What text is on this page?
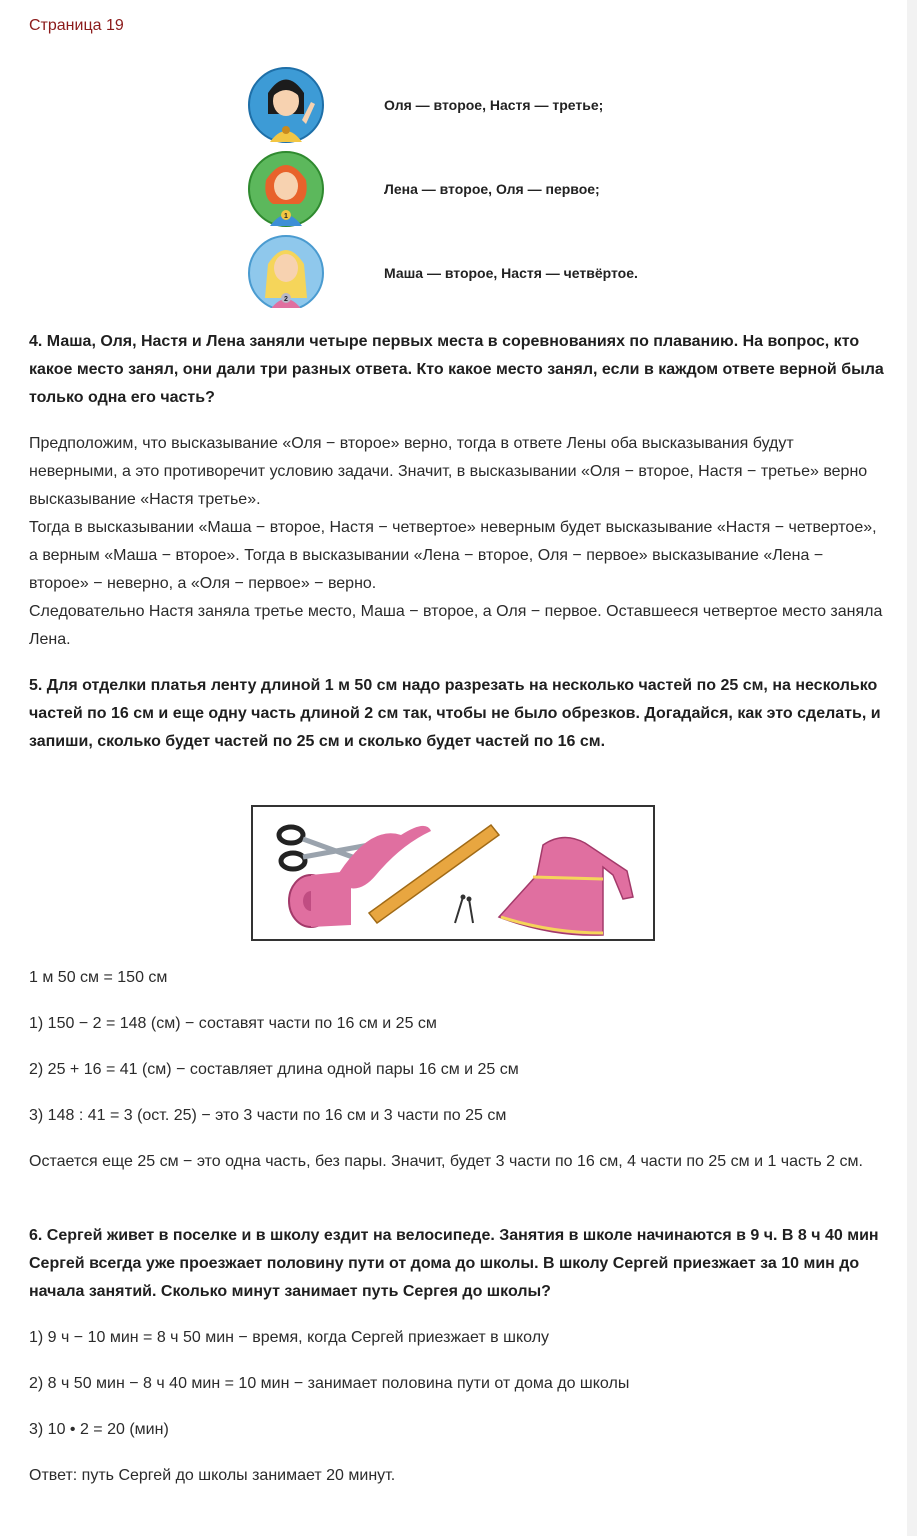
Страница 19
1
2
Оля — второе, Настя — третье;
Лена — второе, Оля — первое;
Маша — второе, Настя — четвёртое.

4. Маша, Оля, Настя и Лена заняли четыре первых места в соревнованиях по плаванию. На вопрос, кто какое место занял, они дали три разных ответа. Кто какое место занял, если в каждом ответе верной была только одна его часть?

Предположим, что высказывание «Оля − второе» верно, тогда в ответе Лены оба высказывания будут неверными, а это противоречит условию задачи. Значит, в высказывании «Оля − второе, Настя − третье» верно высказывание «Настя третье».

Тогда в высказывании «Маша − второе, Настя − четвертое» неверным будет высказывание «Настя − четвертое», а верным «Маша − второе». Тогда в высказывании «Лена − второе, Оля − первое» высказывание «Лена − второе» − неверно, а «Оля − первое» − верно.

Следовательно Настя заняла третье место, Маша − второе, а Оля − первое. Оставшееся четвертое место заняла Лена.

5. Для отделки платья ленту длиной 1 м 50 см надо разрезать на несколько частей по 25 см, на несколько частей по 16 см и еще одну часть длиной 2 см так, чтобы не было обрезков. Догадайся, как это сделать, и запиши, сколько будет частей по 25 см и сколько будет частей по 16 см.

1 м 50 см = 150 см

1) 150 − 2 = 148 (см) − составят части по 16 см и 25 см

2) 25 + 16 = 41 (см) − составляет длина одной пары 16 см и 25 см

3) 148 : 41 = 3 (ост. 25) − это 3 части по 16 см и 3 части по 25 см

Остается еще 25 см − это одна часть, без пары. Значит, будет 3 части по 16 см, 4 части по 25 см и 1 часть 2 см.

6. Сергей живет в поселке и в школу ездит на велосипеде. Занятия в школе начинаются в 9 ч. В 8 ч 40 мин Сергей всегда уже проезжает половину пути от дома до школы. В школу Сергей приезжает за 10 мин до начала занятий. Сколько минут занимает путь Сергея до школы?

1) 9 ч − 10 мин = 8 ч 50 мин − время, когда Сергей приезжает в школу

2) 8 ч 50 мин − 8 ч 40 мин = 10 мин − занимает половина пути от дома до школы

3) 10 • 2 = 20 (мин)

Ответ: путь Сергей до школы занимает 20 минут.
